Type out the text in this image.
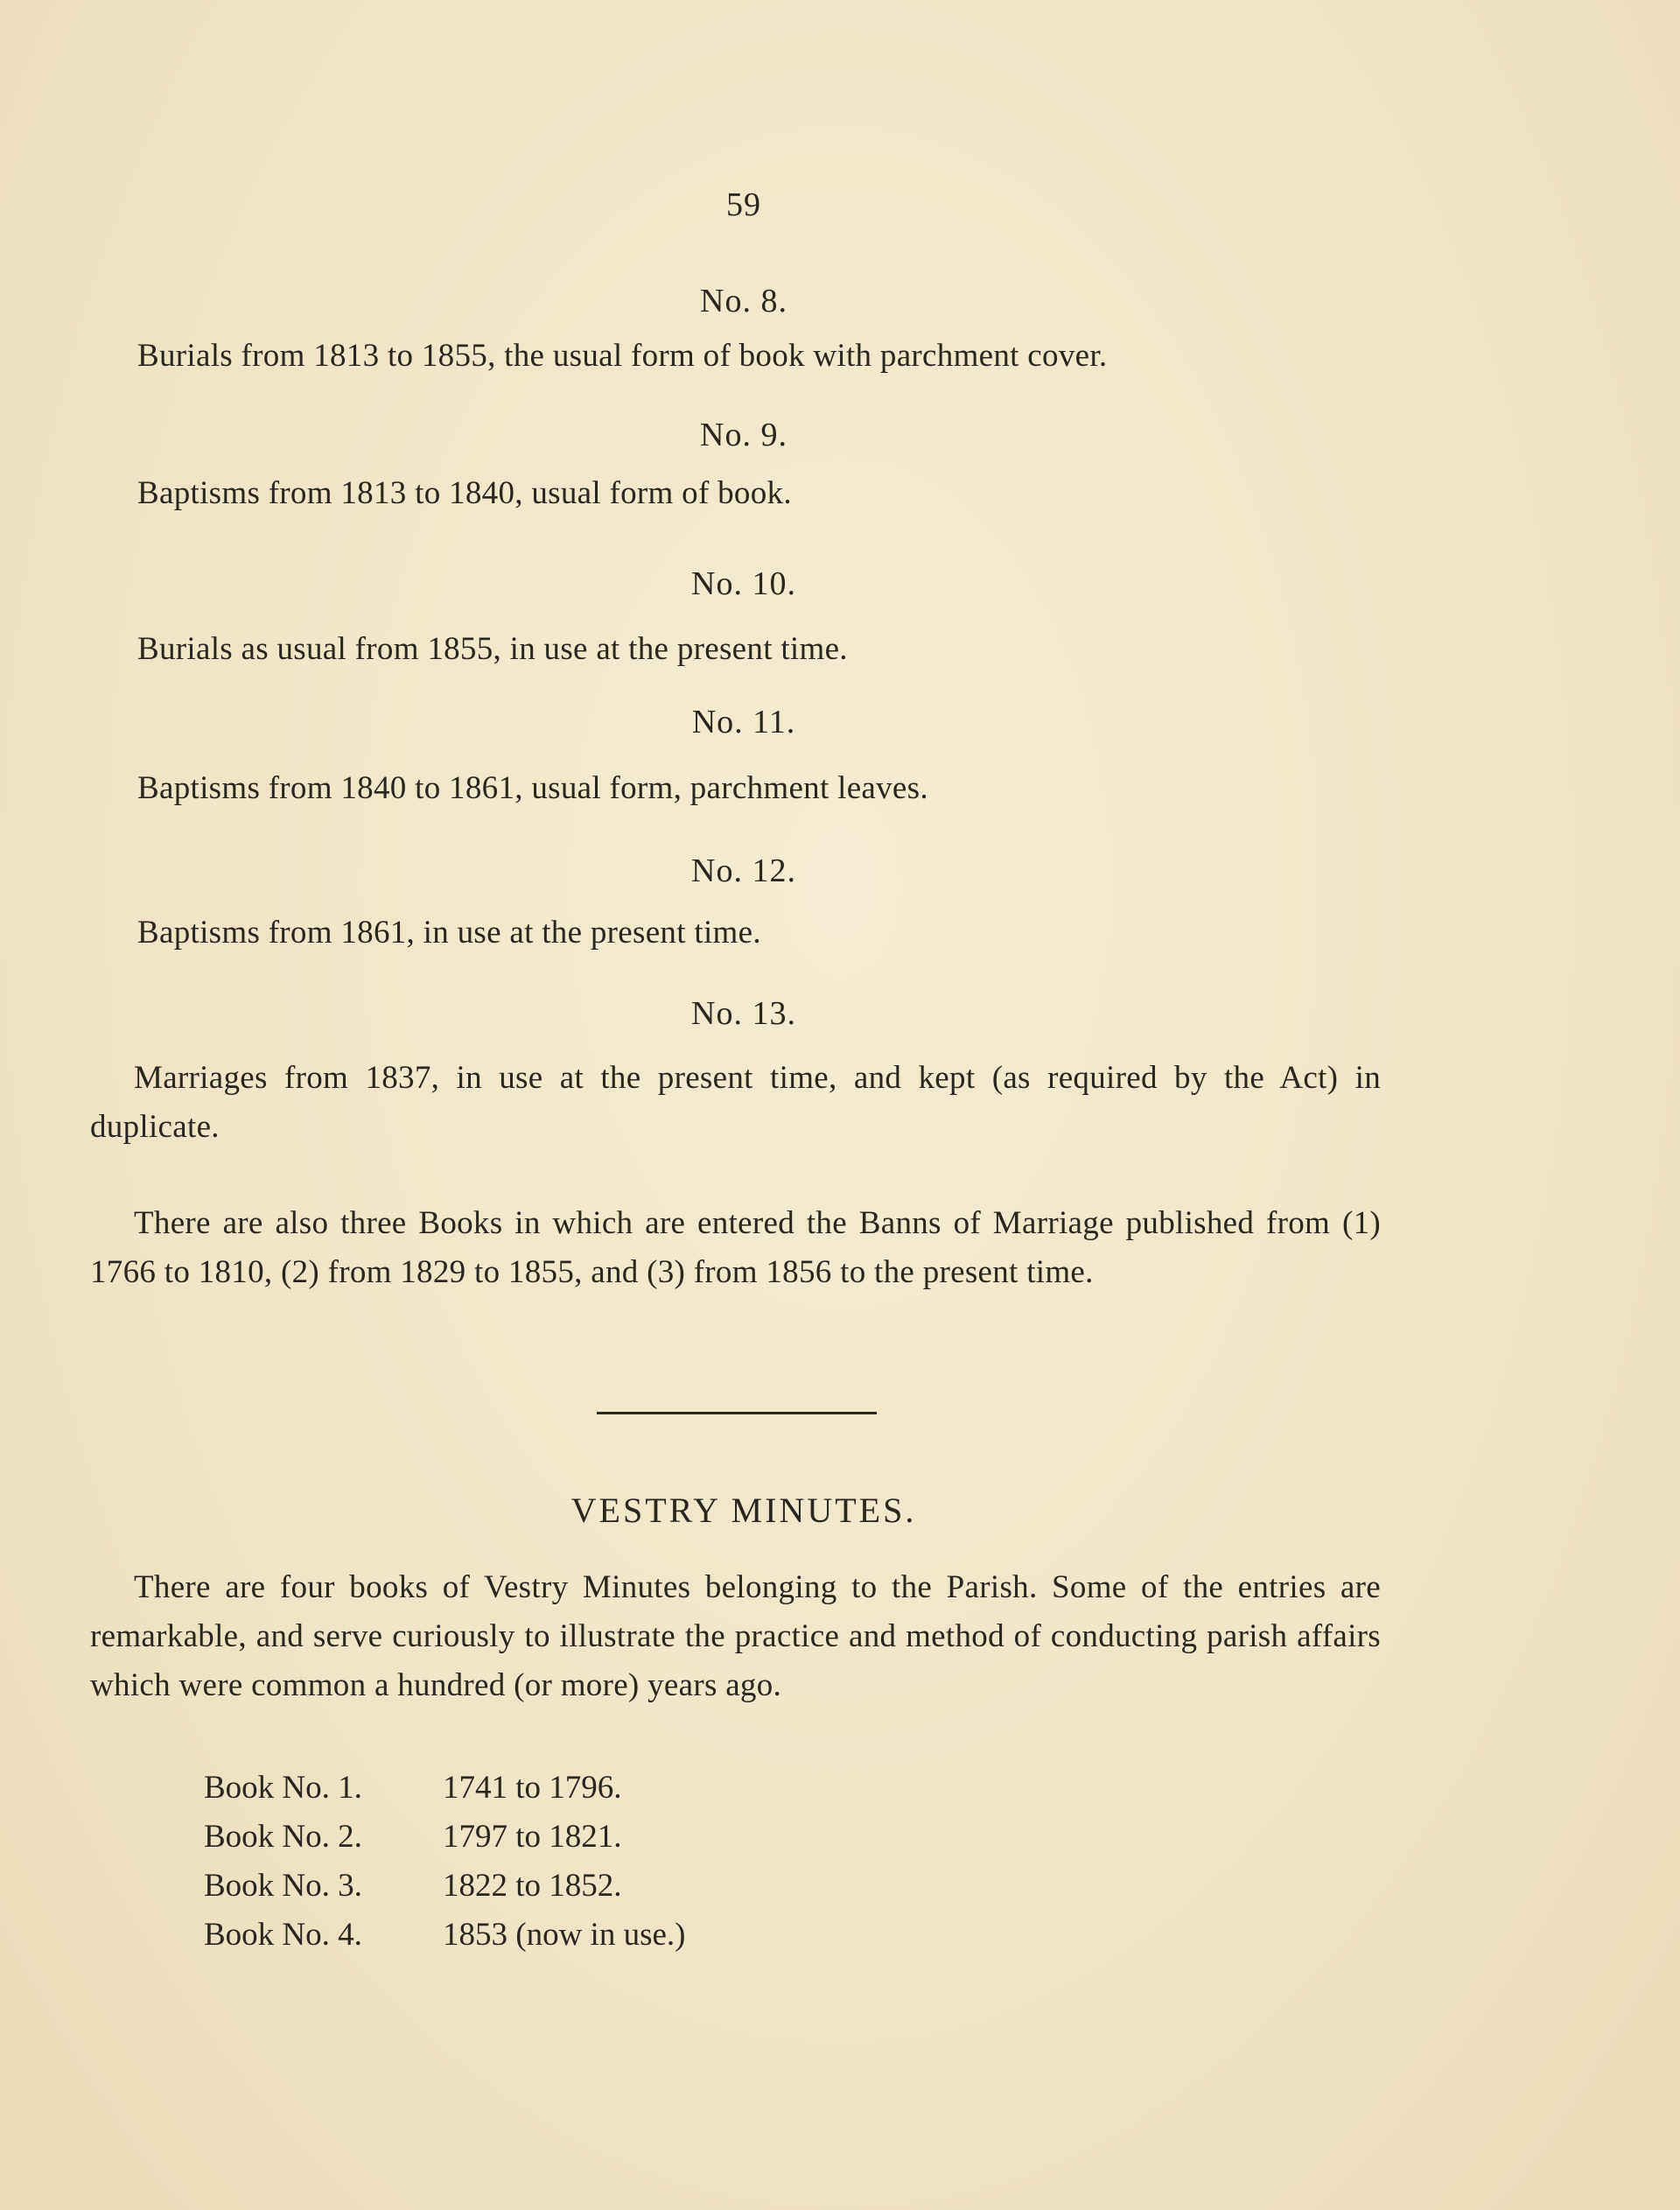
59
No. 8.
Burials from 1813 to 1855, the usual form of book with parchment cover.
No. 9.
Baptisms from 1813 to 1840, usual form of book.
No. 10.
Burials as usual from 1855, in use at the present time.
No. 11.
Baptisms from 1840 to 1861, usual form, parchment leaves.
No. 12.
Baptisms from 1861, in use at the present time.
No. 13.

Marriages from 1837, in use at the present time, and kept (as required by the Act) in duplicate.

There are also three Books in which are entered the Banns of Marriage published from (1) 1766 to 1810, (2) from 1829 to 1855, and (3) from 1856 to the present time.

VESTRY MINUTES.

There are four books of Vestry Minutes belonging to the Parish. Some of the entries are remarkable, and serve curiously to illustrate the practice and method of conducting parish affairs which were common a hundred (or more) years ago.

Book No. 1.	1741 to 1796.
Book No. 2.	1797 to 1821.
Book No. 3.	1822 to 1852.
Book No. 4.	1853 (now in use.)
